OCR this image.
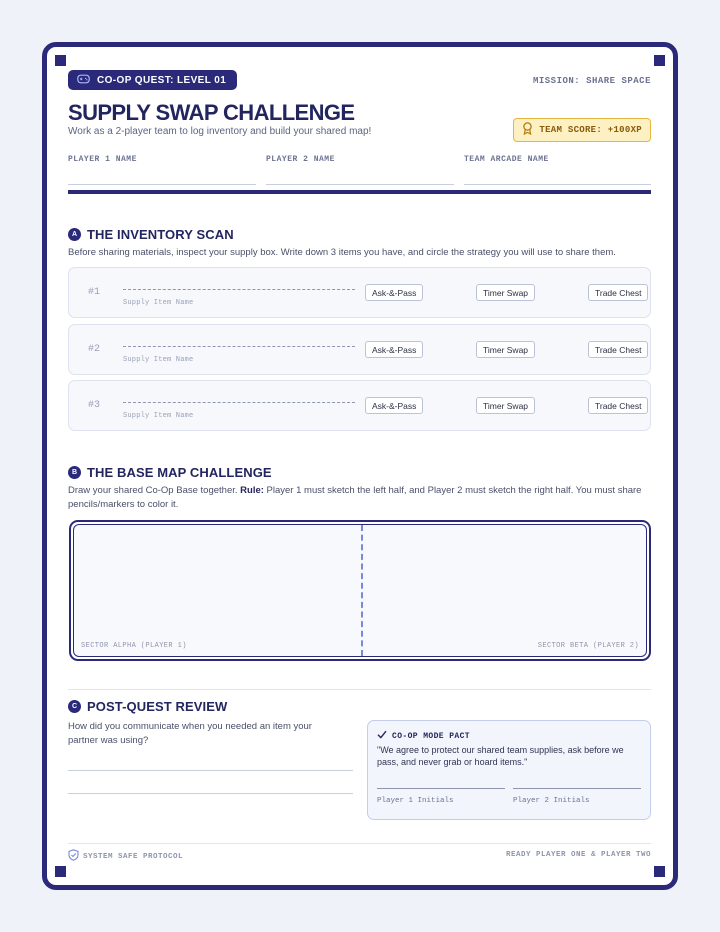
CO-OP QUEST: LEVEL 01	MISSION: SHARE SPACE
SUPPLY SWAP CHALLENGE
Work as a 2-player team to log inventory and build your shared map!	TEAM SCORE: +100XP
PLAYER 1 NAME	PLAYER 2 NAME	TEAM ARCADE NAME
A THE INVENTORY SCAN
Before sharing materials, inspect your supply box. Write down 3 items you have, and circle the strategy you will use to share them.
#1
Supply Item Name
Ask-&-Pass	Timer Swap	Trade Chest
#2
Supply Item Name
Ask-&-Pass	Timer Swap	Trade Chest
#3
Supply Item Name
Ask-&-Pass	Timer Swap	Trade Chest
B THE BASE MAP CHALLENGE
Draw your shared Co-Op Base together. Rule: Player 1 must sketch the left half, and Player 2 must sketch the right half. You must share pencils/markers to color it.
SECTOR ALPHA (PLAYER 1)	SECTOR BETA (PLAYER 2)
C POST-QUEST REVIEW
How did you communicate when you needed an item your partner was using?	CO-OP MODE PACT
"We agree to protect our shared team supplies, ask before we pass, and never grab or hoard items."
Player 1 Initials	Player 2 Initials
SYSTEM SAFE PROTOCOL	READY PLAYER ONE & PLAYER TWO
